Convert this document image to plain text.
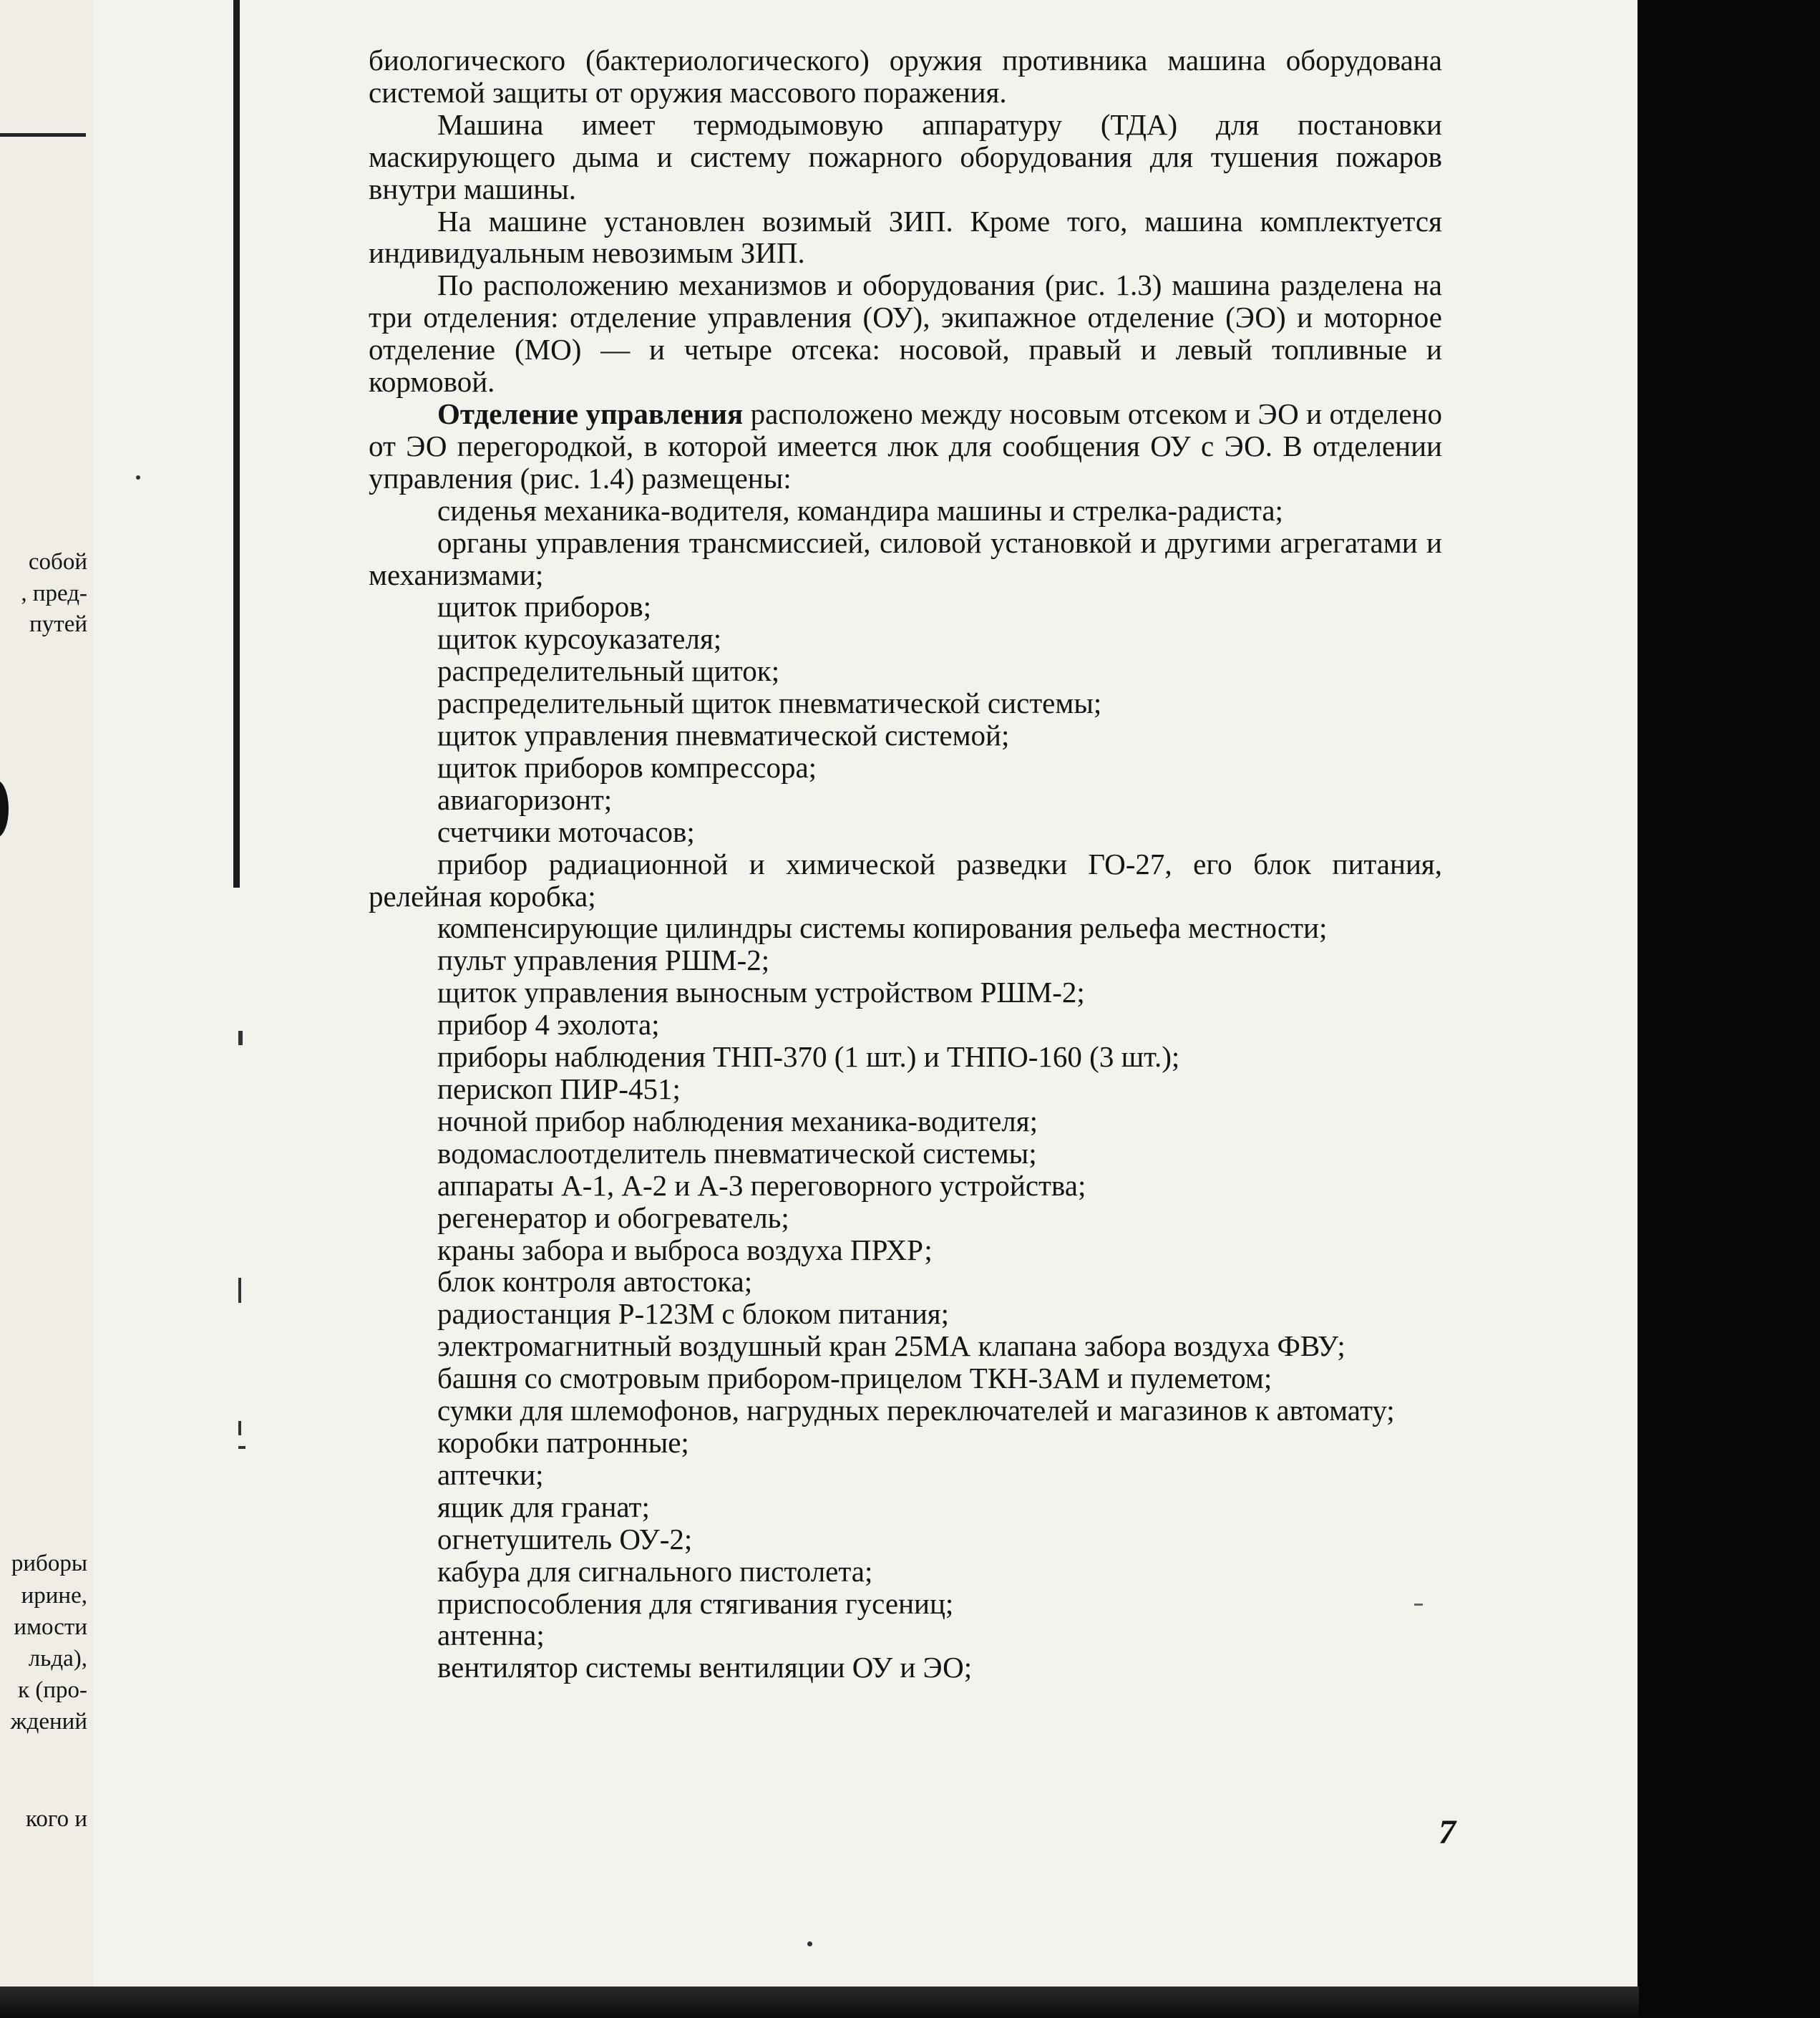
собой
, пред-
путей
риборы
ирине,
имости
льда),
к (про-
ждений
кого и

биологического (бактериологического) оружия противника машина оборудована системой защиты от оружия массового поражения.

Машина имеет термодымовую аппаратуру (ТДА) для постановки маскирующего дыма и систему пожарного оборудования для тушения пожаров внутри машины.

На машине установлен возимый ЗИП. Кроме того, машина комплектуется индивидуальным невозимым ЗИП.

По расположению механизмов и оборудования (рис. 1.3) машина разделена на три отделения: отделение управления (ОУ), экипажное отделение (ЭО) и моторное отделение (МО) — и четыре отсека: носовой, правый и левый топливные и кормовой.

Отделение управления расположено между носовым отсеком и ЭО и отделено от ЭО перегородкой, в которой имеется люк для сообщения ОУ с ЭО. В отделении управления (рис. 1.4) размещены:

сиденья механика-водителя, командира машины и стрелка-радиста;

органы управления трансмиссией, силовой установкой и другими агрегатами и механизмами;

щиток приборов;

щиток курсоуказателя;

распределительный щиток;

распределительный щиток пневматической системы;

щиток управления пневматической системой;

щиток приборов компрессора;

авиагоризонт;

счетчики моточасов;

прибор радиационной и химической разведки ГО-27, его блок питания, релейная коробка;

компенсирующие цилиндры системы копирования рельефа местности;

пульт управления РШМ-2;

щиток управления выносным устройством РШМ-2;

прибор 4 эхолота;

приборы наблюдения ТНП-370 (1 шт.) и ТНПО-160 (3 шт.);

перископ ПИР-451;

ночной прибор наблюдения механика-водителя;

водомаслоотделитель пневматической системы;

аппараты А-1, А-2 и А-3 переговорного устройства;

регенератор и обогреватель;

краны забора и выброса воздуха ПРХР;

блок контроля автостока;

радиостанция Р-123М с блоком питания;

электромагнитный воздушный кран 25МА клапана забора воздуха ФВУ;

башня со смотровым прибором-прицелом ТКН-3АМ и пулеметом;

сумки для шлемофонов, нагрудных переключателей и магазинов к автомату;

коробки патронные;

аптечки;

ящик для гранат;

огнетушитель ОУ-2;

кабура для сигнального пистолета;

приспособления для стягивания гусениц;

антенна;

вентилятор системы вентиляции ОУ и ЭО;

7
